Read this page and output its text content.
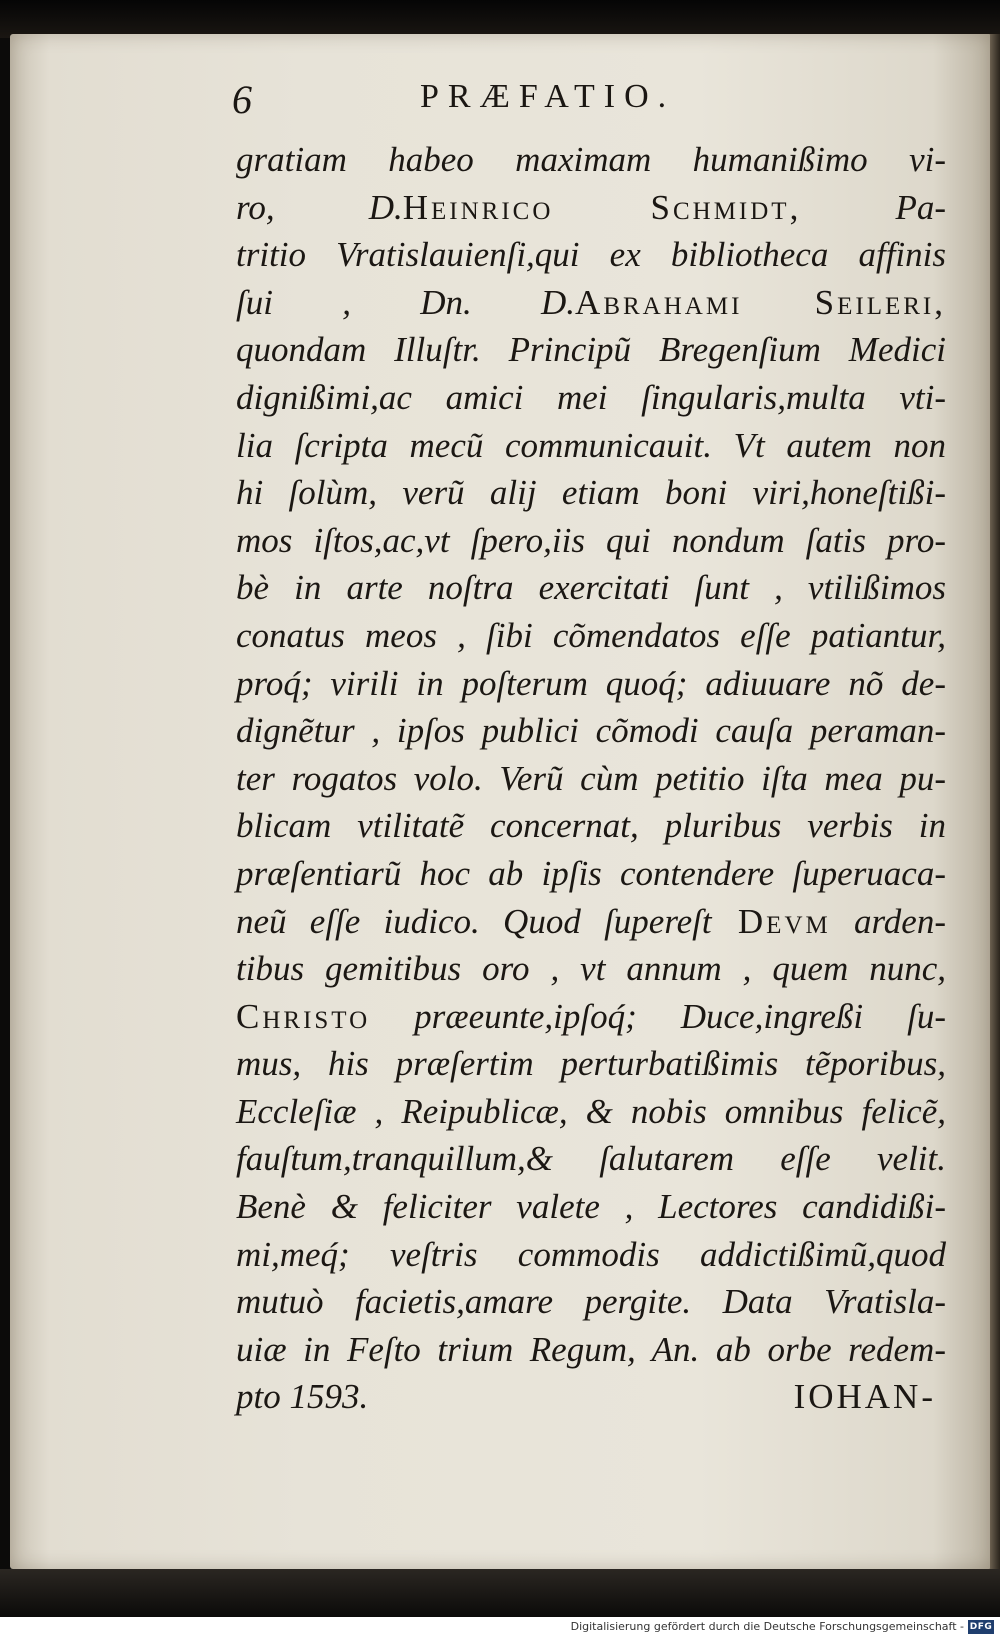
6	PRÆFATIO.
gratiam habeo maximam humanißimo vi-
ro, D.Heinrico Schmidt, Pa-
tritio Vratislauienſi,qui ex bibliotheca affinis
ſui , Dn. D.Abrahami Seileri,
quondam Illuſtr. Principũ Bregenſium Medici
dignißimi,ac amici mei ſingularis,multa vti-
lia ſcripta mecũ communicauit. Vt autem non
hi ſolùm, verũ alij etiam boni viri,honeſtißi-
mos iſtos,ac,vt ſpero,iis qui nondum ſatis pro-
bè in arte noſtra exercitati ſunt , vtilißimos
conatus meos , ſibi cõmendatos eſſe patiantur,
proq́; virili in poſterum quoq́; adiuuare nõ de-
dignẽtur , ipſos publici cõmodi cauſa peraman-
ter rogatos volo. Verũ cùm petitio iſta mea pu-
blicam vtilitatẽ concernat, pluribus verbis in
præſentiarũ hoc ab ipſis contendere ſuperuaca-
neũ eſſe iudico. Quod ſupereſt Devm arden-
tibus gemitibus oro , vt annum , quem nunc,
Christo præeunte,ipſoq́; Duce,ingreßi ſu-
mus, his præſertim perturbatißimis tẽporibus,
Eccleſiæ , Reipublicæ, & nobis omnibus felicẽ,
fauſtum,tranquillum,& ſalutarem eſſe velit.
Benè & feliciter valete , Lectores candidißi-
mi,meq́; veſtris commodis addictißimũ,quod
mutuò facietis,amare pergite. Data Vratisla-
uiæ in Feſto trium Regum, An. ab orbe redem-
pto 1593.	IOHAN-
Digitalisierung gefördert durch die Deutsche Forschungsgemeinschaft - DFG
